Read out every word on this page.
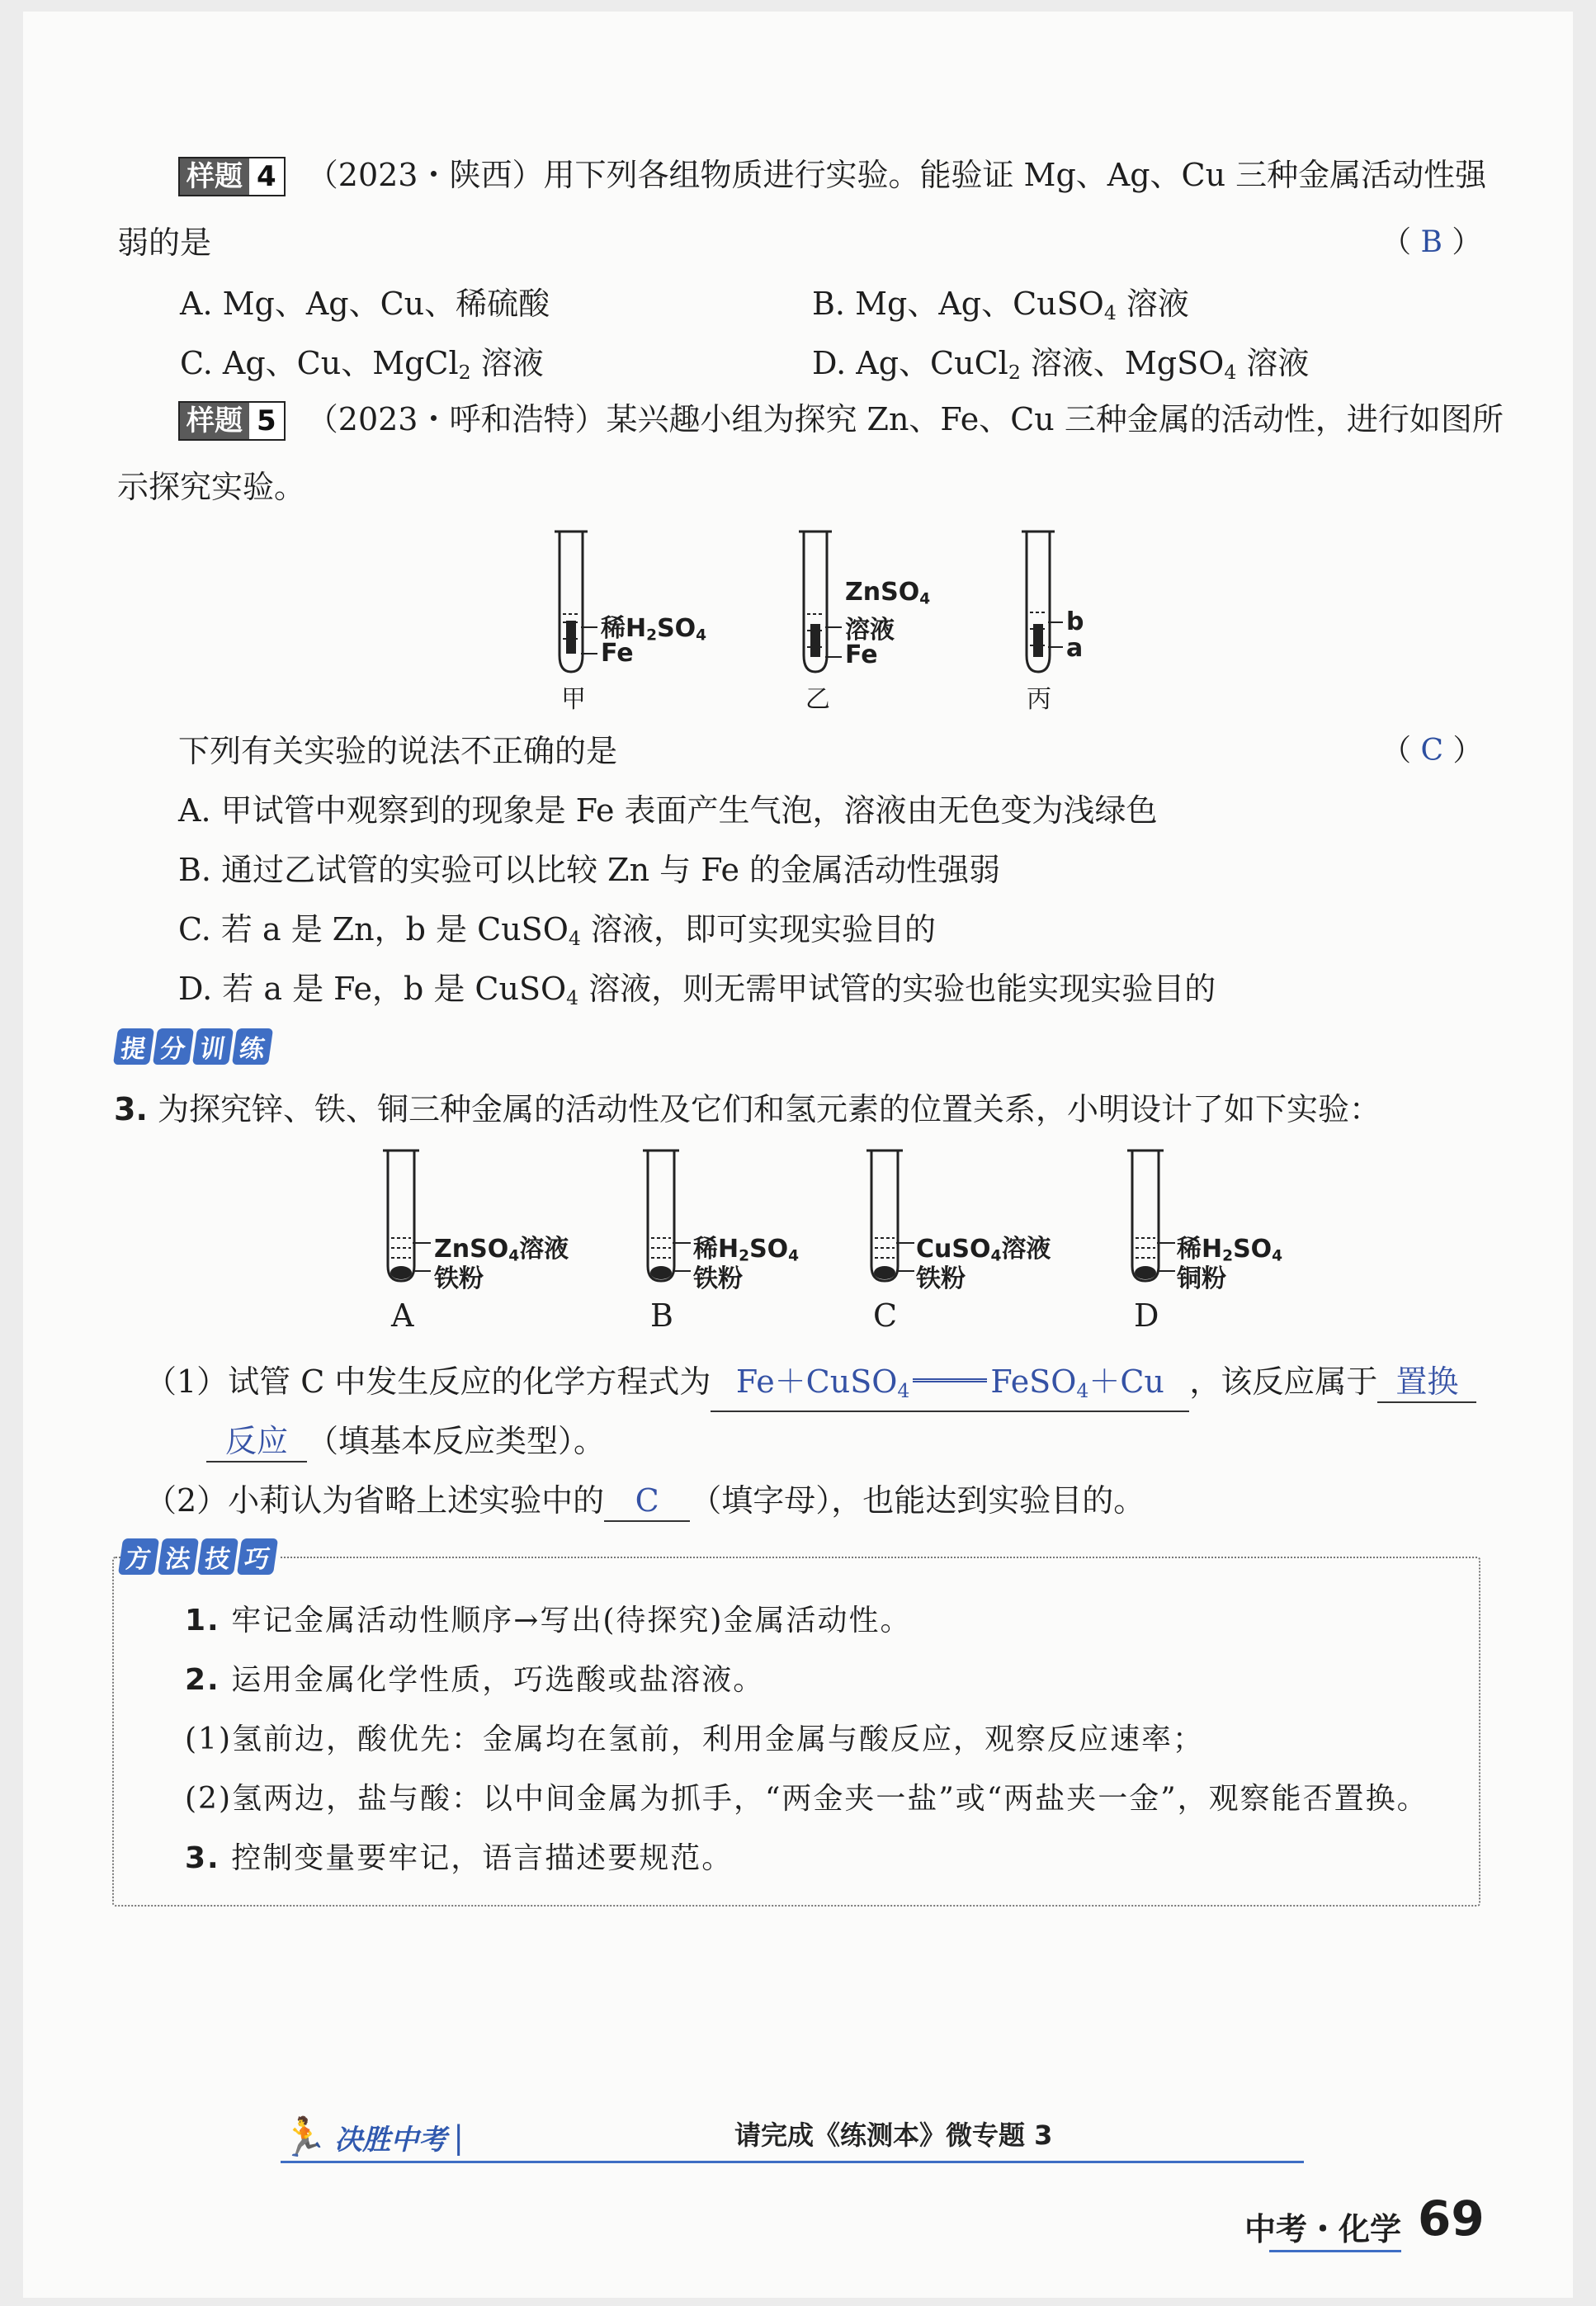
样题 4 （2023・陕西）用下列各组物质进行实验。能验证 Mg、Ag、Cu 三种金属活动性强
弱的是	（ B ）
A. Mg、Ag、Cu、稀硫酸	B. Mg、Ag、CuSO$_4$ 溶液
C. Ag、Cu、MgCl$_2$ 溶液	D. Ag、CuCl$_2$ 溶液、MgSO$_4$ 溶液
样题 5 （2023・呼和浩特）某兴趣小组为探究 Zn、Fe、Cu 三种金属的活动性，进行如图所
示探究实验。
稀$H_2SO_4$
Fe
甲
ZnSO$_4$
溶液
Fe
乙
b
a
丙
下列有关实验的说法不正确的是	（ C ）
A. 甲试管中观察到的现象是 Fe 表面产生气泡，溶液由无色变为浅绿色
B. 通过乙试管的实验可以比较 Zn 与 Fe 的金属活动性强弱
C. 若 a 是 Zn，b 是 CuSO$_4$ 溶液，即可实现实验目的
D. 若 a 是 Fe，b 是 CuSO$_4$ 溶液，则无需甲试管的实验也能实现实验目的
提 分 训 练
3. 为探究锌、铁、铜三种金属的活动性及它们和氢元素的位置关系，小明设计了如下实验：
ZnSO$_4$溶液
铁粉
A
稀$H_2SO_4$
铁粉
B
CuSO$_4$溶液
铁粉
C
稀$H_2SO_4$
铜粉
D
（1）试管 C 中发生反应的化学方程式为 Fe＋CuSO$_4$	FeSO$_4$＋Cu ，该反应属于 置换
反应 （填基本反应类型）。
（2）小莉认为省略上述实验中的 C （填字母），也能达到实验目的。
方 法 技 巧
1. 牢记金属活动性顺序→写出(待探究)金属活动性。
2. 运用金属化学性质，巧选酸或盐溶液。
(1)氢前边，酸优先：金属均在氢前，利用金属与酸反应，观察反应速率；
(2)氢两边，盐与酸：以中间金属为抓手，“两金夹一盐”或“两盐夹一金”，观察能否置换。
3. 控制变量要牢记，语言描述要规范。
🏃 决胜中考 |	请完成《练测本》微专题 3
中考・化学 69
